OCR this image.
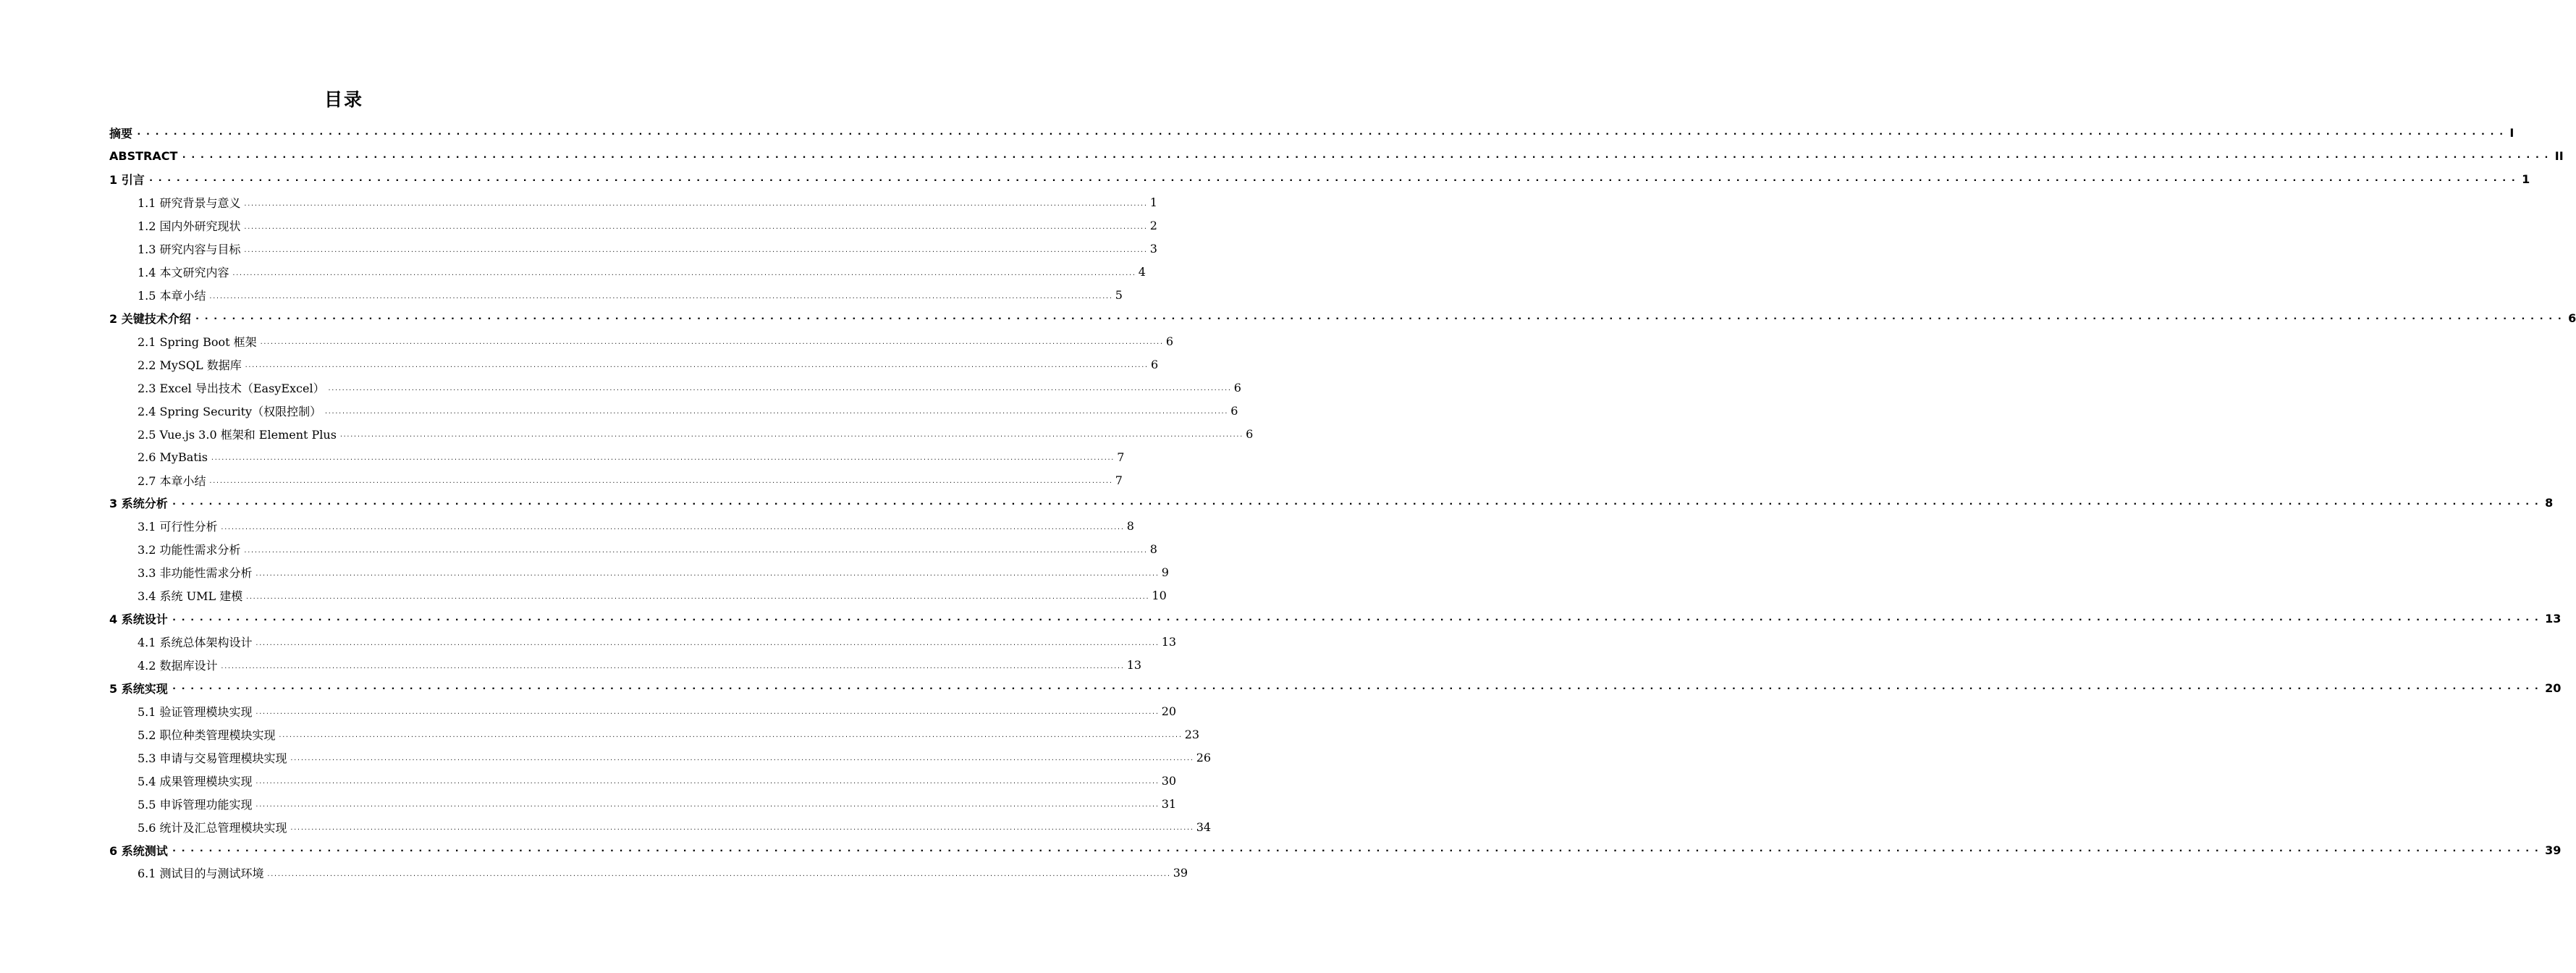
目录
摘要 .................................................................................................................................................................................................................................................................... I
ABSTRACT .................................................................................................................................................................................................................................................................... II
1 引言 .................................................................................................................................................................................................................................................................... 1
1.1 研究背景与意义 .................................................................................................................................................................................................................................................................... 1
1.2 国内外研究现状 .................................................................................................................................................................................................................................................................... 2
1.3 研究内容与目标 .................................................................................................................................................................................................................................................................... 3
1.4 本文研究内容 .................................................................................................................................................................................................................................................................... 4
1.5 本章小结 .................................................................................................................................................................................................................................................................... 5
2 关键技术介绍 .................................................................................................................................................................................................................................................................... 6
2.1 Spring Boot 框架 .................................................................................................................................................................................................................................................................... 6
2.2 MySQL 数据库 .................................................................................................................................................................................................................................................................... 6
2.3 Excel 导出技术（EasyExcel） .................................................................................................................................................................................................................................................................... 6
2.4 Spring Security（权限控制） .................................................................................................................................................................................................................................................................... 6
2.5 Vue.js 3.0 框架和 Element Plus .................................................................................................................................................................................................................................................................... 6
2.6 MyBatis .................................................................................................................................................................................................................................................................... 7
2.7 本章小结 .................................................................................................................................................................................................................................................................... 7
3 系统分析 .................................................................................................................................................................................................................................................................... 8
3.1 可行性分析 .................................................................................................................................................................................................................................................................... 8
3.2 功能性需求分析 .................................................................................................................................................................................................................................................................... 8
3.3 非功能性需求分析 .................................................................................................................................................................................................................................................................... 9
3.4 系统 UML 建模 .................................................................................................................................................................................................................................................................... 10
4 系统设计 .................................................................................................................................................................................................................................................................... 13
4.1 系统总体架构设计 .................................................................................................................................................................................................................................................................... 13
4.2 数据库设计 .................................................................................................................................................................................................................................................................... 13
5 系统实现 .................................................................................................................................................................................................................................................................... 20
5.1 验证管理模块实现 .................................................................................................................................................................................................................................................................... 20
5.2 职位种类管理模块实现 .................................................................................................................................................................................................................................................................... 23
5.3 申请与交易管理模块实现 .................................................................................................................................................................................................................................................................... 26
5.4 成果管理模块实现 .................................................................................................................................................................................................................................................................... 30
5.5 申诉管理功能实现 .................................................................................................................................................................................................................................................................... 31
5.6 统计及汇总管理模块实现 .................................................................................................................................................................................................................................................................... 34
6 系统测试 .................................................................................................................................................................................................................................................................... 39
6.1 测试目的与测试环境 .................................................................................................................................................................................................................................................................... 39
